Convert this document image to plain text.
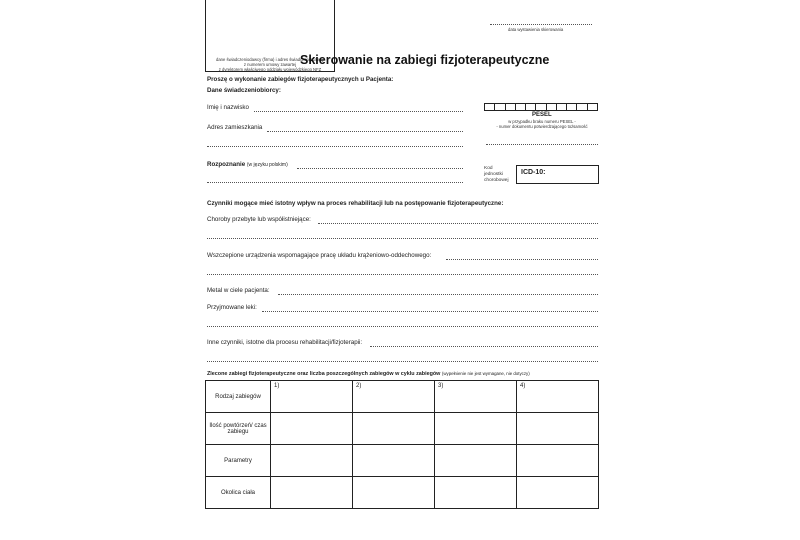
dane świadczeniodawcy (firma) i adres świadczeniodawcy
z numerem umowy zawartej
z dyrektorem właściwego oddziału wojewódzkiego NFZ
data wystawienia skierowania
Skierowanie na zabiegi fizjoterapeutyczne
Proszę o wykonanie zabiegów fizjoterapeutycznych u Pacjenta:
Dane świadczeniobiorcy:
Imię i nazwisko
Adres zamieszkania
Rozpoznanie (w języku polskim)
PESEL
w przypadku braku numeru PESEL -
- numer dokumentu potwierdzającego tożsamość
Kod
jednostki
chorobowej
ICD-10:
Czynniki mogące mieć istotny wpływ na proces rehabilitacji lub na postępowanie fizjoterapeutyczne:
Choroby przebyte lub współistniejące:
Wszczepione urządzenia wspomagające pracę układu krążeniowo-oddechowego:
Metal w ciele pacjenta:
Przyjmowane leki:
Inne czynniki, istotne dla procesu rehabilitacji/fizjoterapii:
Zlecone zabiegi fizjoterapeutyczne oraz liczba poszczególnych zabiegów w cyklu zabiegów (wypełnienie nie jest wymagane, nie dotyczy)
Rodzaj zabiegów	1)	2)	3)	4)
Ilość powtórzeń/ czas zabiegu				
Parametry				
Okolica ciała				
